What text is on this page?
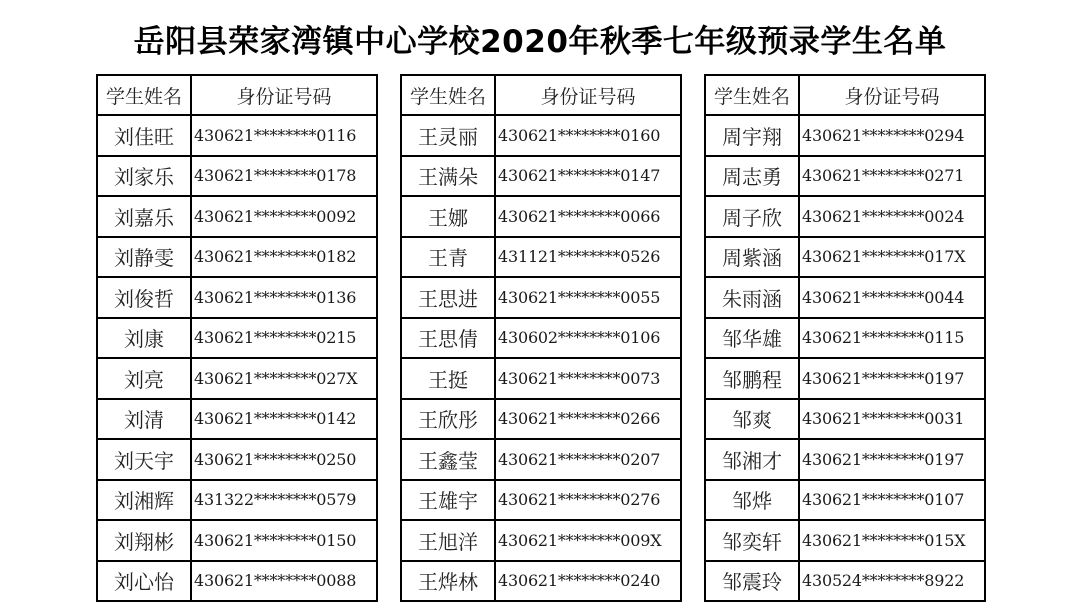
岳阳县荣家湾镇中心学校2020年秋季七年级预录学生名单
学生姓名	身份证号码
刘佳旺	430621********0116
刘家乐	430621********0178
刘嘉乐	430621********0092
刘静雯	430621********0182
刘俊哲	430621********0136
刘康	430621********0215
刘亮	430621********027X
刘清	430621********0142
刘天宇	430621********0250
刘湘辉	431322********0579
刘翔彬	430621********0150
刘心怡	430621********0088
学生姓名	身份证号码
王灵丽	430621********0160
王满朵	430621********0147
王娜	430621********0066
王青	431121********0526
王思进	430621********0055
王思倩	430602********0106
王挺	430621********0073
王欣彤	430621********0266
王鑫莹	430621********0207
王雄宇	430621********0276
王旭洋	430621********009X
王烨林	430621********0240
学生姓名	身份证号码
周宇翔	430621********0294
周志勇	430621********0271
周子欣	430621********0024
周紫涵	430621********017X
朱雨涵	430621********0044
邹华雄	430621********0115
邹鹏程	430621********0197
邹爽	430621********0031
邹湘才	430621********0197
邹烨	430621********0107
邹奕轩	430621********015X
邹震玲	430524********8922
